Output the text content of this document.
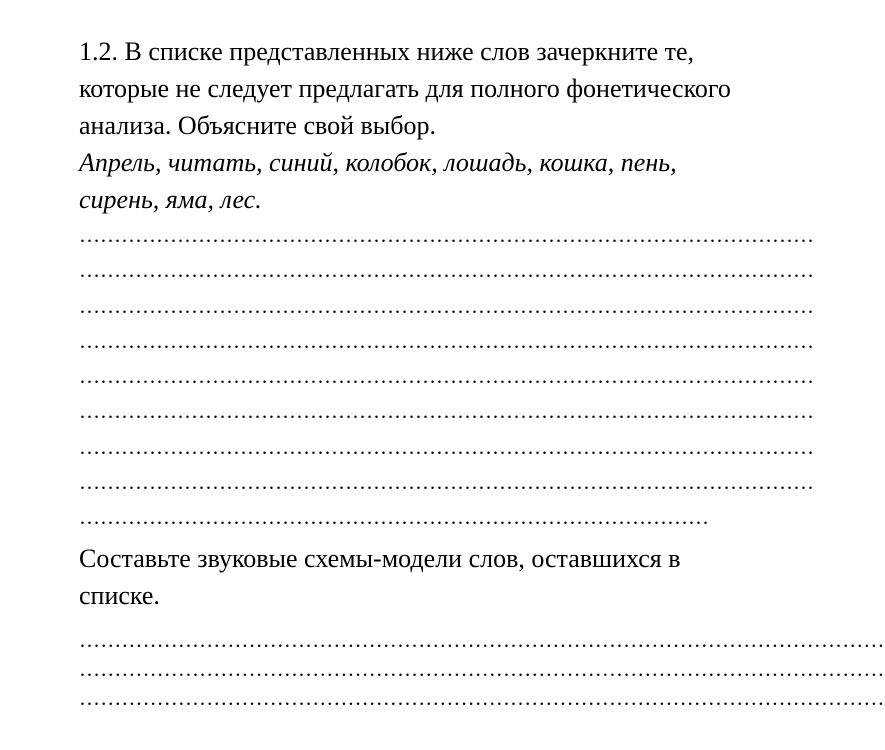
1.2. В списке представленных ниже слов зачеркните те, которые не следует предлагать для полного фонетического анализа. Объясните свой выбор.

Апрель, читать, синий, колобок, лошадь, кошка, пень, сирень, яма, лес.

……………………………………………………………………………………………
……………………………………………………………………………………………
……………………………………………………………………………………………
……………………………………………………………………………………………
……………………………………………………………………………………………
……………………………………………………………………………………………
……………………………………………………………………………………………
……………………………………………………………………………………………
………………………………………………………………………………

Составьте звуковые схемы-модели слов, оставшихся в списке.

……………………………………………………………………………………………………
……………………………………………………………………………………………………
……………………………………………………………………………………………………
